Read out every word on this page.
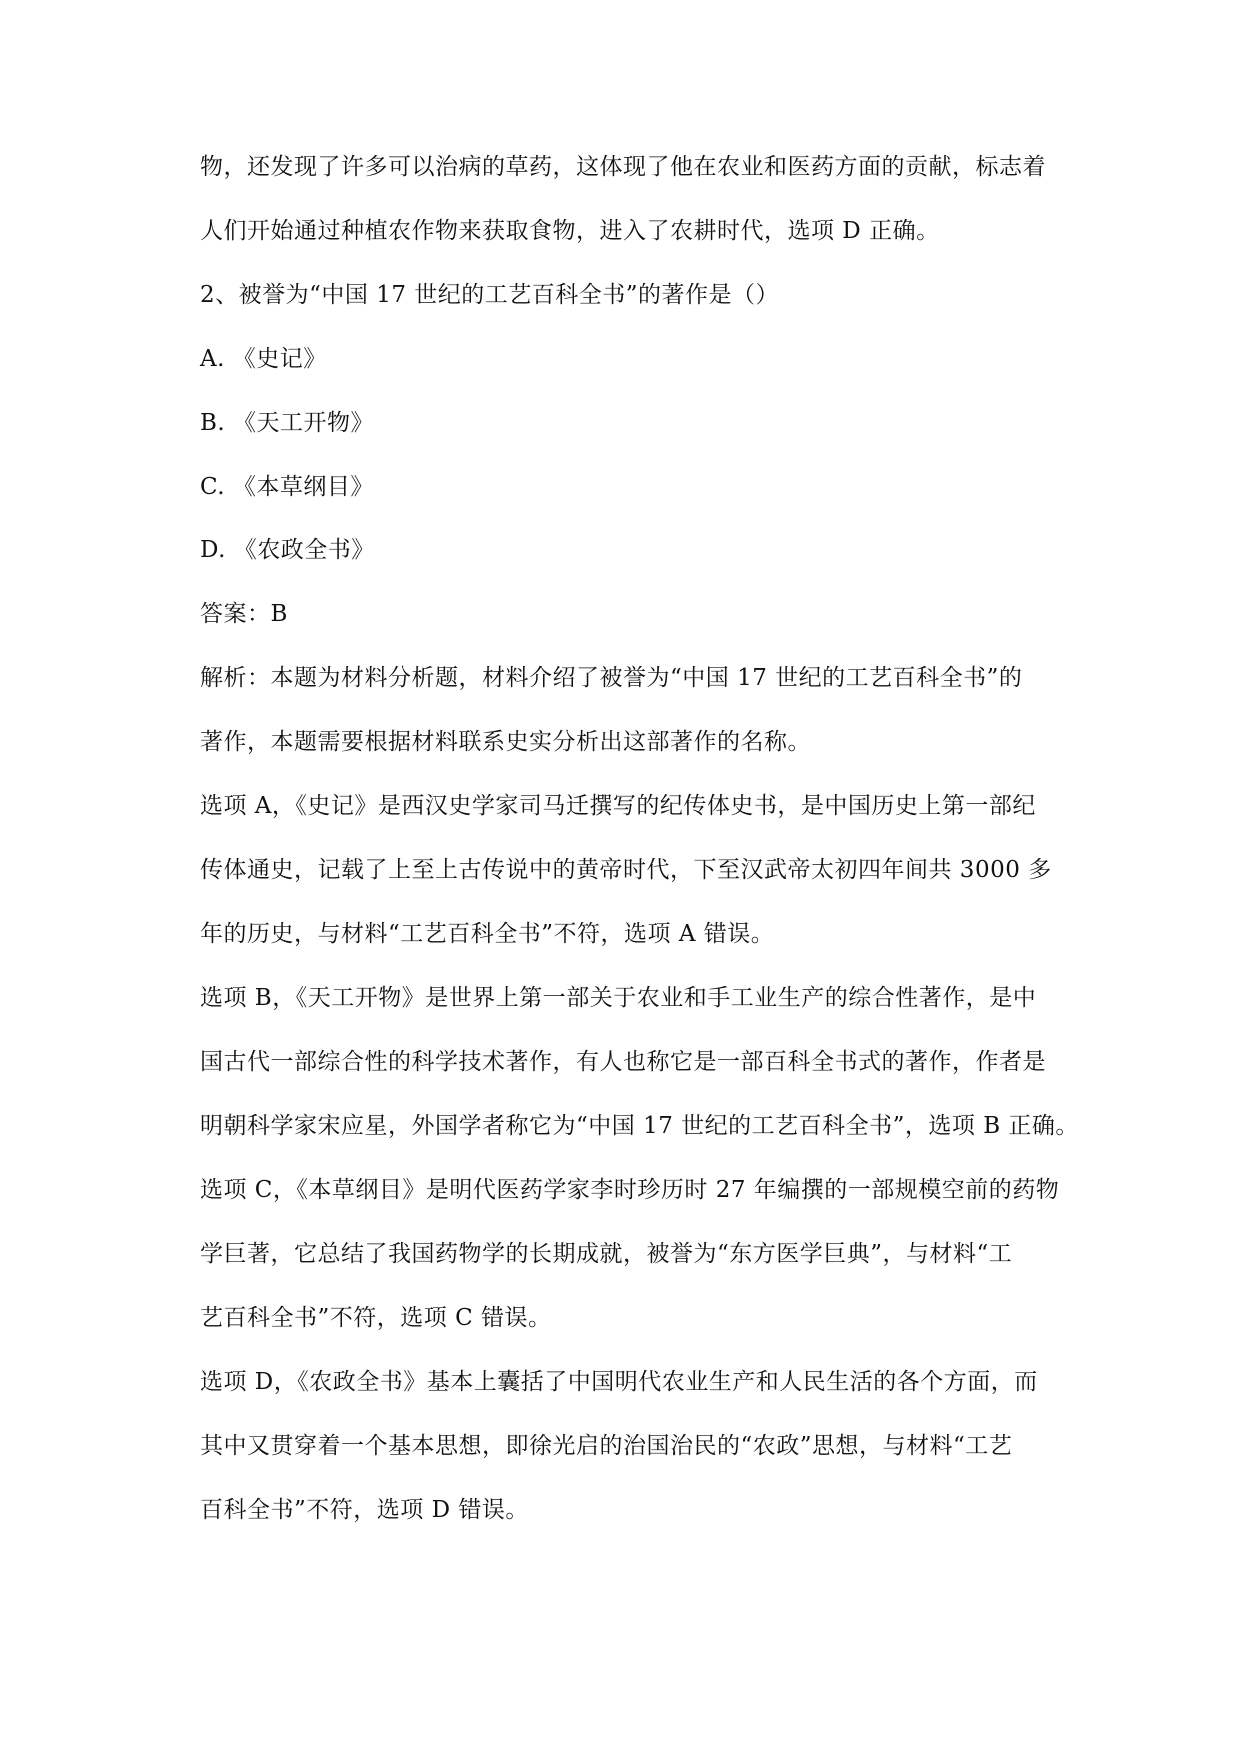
物，还发现了许多可以治病的草药，这体现了他在农业和医药方面的贡献，标志着
人们开始通过种植农作物来获取食物，进入了农耕时代，选项 D 正确。
2、被誉为“中国 17 世纪的工艺百科全书”的著作是（）
A. 《史记》
B. 《天工开物》
C. 《本草纲目》
D. 《农政全书》
答案：B
解析：本题为材料分析题，材料介绍了被誉为“中国 17 世纪的工艺百科全书”的
著作，本题需要根据材料联系史实分析出这部著作的名称。
选项 A，《史记》是西汉史学家司马迁撰写的纪传体史书，是中国历史上第一部纪
传体通史，记载了上至上古传说中的黄帝时代，下至汉武帝太初四年间共 3000 多
年的历史，与材料“工艺百科全书”不符，选项 A 错误。
选项 B，《天工开物》是世界上第一部关于农业和手工业生产的综合性著作，是中
国古代一部综合性的科学技术著作，有人也称它是一部百科全书式的著作，作者是
明朝科学家宋应星，外国学者称它为“中国 17 世纪的工艺百科全书”，选项 B 正确。
选项 C，《本草纲目》是明代医药学家李时珍历时 27 年编撰的一部规模空前的药物
学巨著，它总结了我国药物学的长期成就，被誉为“东方医学巨典”，与材料“工
艺百科全书”不符，选项 C 错误。
选项 D，《农政全书》基本上囊括了中国明代农业生产和人民生活的各个方面，而
其中又贯穿着一个基本思想，即徐光启的治国治民的“农政”思想，与材料“工艺
百科全书”不符，选项 D 错误。
